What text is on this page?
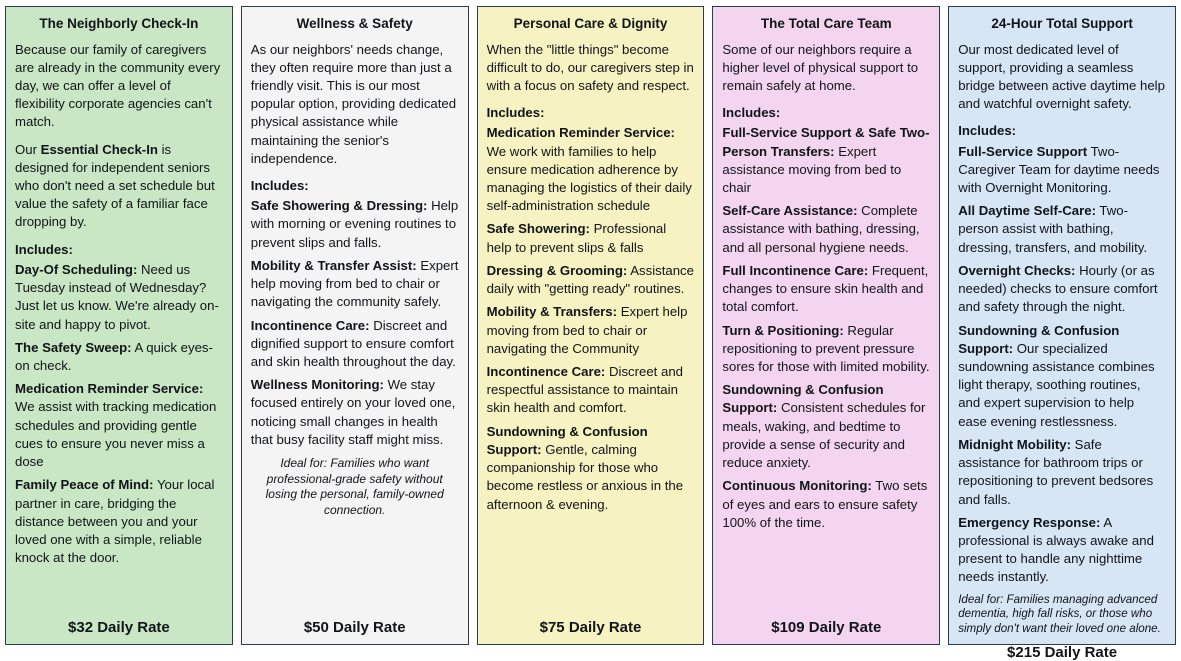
The Neighborly Check-In

Because our family of caregivers are already in the community every day, we can offer a level of flexibility corporate agencies can't match.

Our Essential Check-In is designed for independent seniors who don't need a set schedule but value the safety of a familiar face dropping by.

Includes:

Day-Of Scheduling: Need us Tuesday instead of Wednesday? Just let us know. We're already on-site and happy to pivot.

The Safety Sweep: A quick eyes-on check.

Medication Reminder Service: We assist with tracking medication schedules and providing gentle cues to ensure you never miss a dose

Family Peace of Mind: Your local partner in care, bridging the distance between you and your loved one with a simple, reliable knock at the door.

$32 Daily Rate
Wellness & Safety

As our neighbors' needs change, they often require more than just a friendly visit. This is our most popular option, providing dedicated physical assistance while maintaining the senior's independence.

Includes:

Safe Showering & Dressing: Help with morning or evening routines to prevent slips and falls.

Mobility & Transfer Assist: Expert help moving from bed to chair or navigating the community safely.

Incontinence Care: Discreet and dignified support to ensure comfort and skin health throughout the day.

Wellness Monitoring: We stay focused entirely on your loved one, noticing small changes in health that busy facility staff might miss.

Ideal for: Families who want professional-grade safety without losing the personal, family-owned connection.

$50 Daily Rate
Personal Care & Dignity

When the "little things" become difficult to do, our caregivers step in with a focus on safety and respect.

Includes:

Medication Reminder Service: We work with families to help ensure medication adherence by managing the logistics of their daily self-administration schedule

Safe Showering: Professional help to prevent slips & falls

Dressing & Grooming: Assistance daily with "getting ready" routines.

Mobility & Transfers: Expert help moving from bed to chair or navigating the Community

Incontinence Care: Discreet and respectful assistance to maintain skin health and comfort.

Sundowning & Confusion Support: Gentle, calming companionship for those who become restless or anxious in the afternoon & evening.

$75 Daily Rate
The Total Care Team

Some of our neighbors require a higher level of physical support to remain safely at home.

Includes:

Full-Service Support & Safe Two-Person Transfers: Expert assistance moving from bed to chair

Self-Care Assistance: Complete assistance with bathing, dressing, and all personal hygiene needs.

Full Incontinence Care: Frequent, changes to ensure skin health and total comfort.

Turn & Positioning: Regular repositioning to prevent pressure sores for those with limited mobility.

Sundowning & Confusion Support: Consistent schedules for meals, waking, and bedtime to provide a sense of security and reduce anxiety.

Continuous Monitoring: Two sets of eyes and ears to ensure safety 100% of the time.

$109 Daily Rate
24-Hour Total Support

Our most dedicated level of support, providing a seamless bridge between active daytime help and watchful overnight safety.

Includes:

Full-Service Support Two-Caregiver Team for daytime needs with Overnight Monitoring.

All Daytime Self-Care: Two-person assist with bathing, dressing, transfers, and mobility.

Overnight Checks: Hourly (or as needed) checks to ensure comfort and safety through the night.

Sundowning & Confusion Support: Our specialized sundowning assistance combines light therapy, soothing routines, and expert supervision to help ease evening restlessness.

Midnight Mobility: Safe assistance for bathroom trips or repositioning to prevent bedsores and falls.

Emergency Response: A professional is always awake and present to handle any nighttime needs instantly.

Ideal for: Families managing advanced dementia, high fall risks, or those who simply don't want their loved one alone.

$215 Daily Rate
